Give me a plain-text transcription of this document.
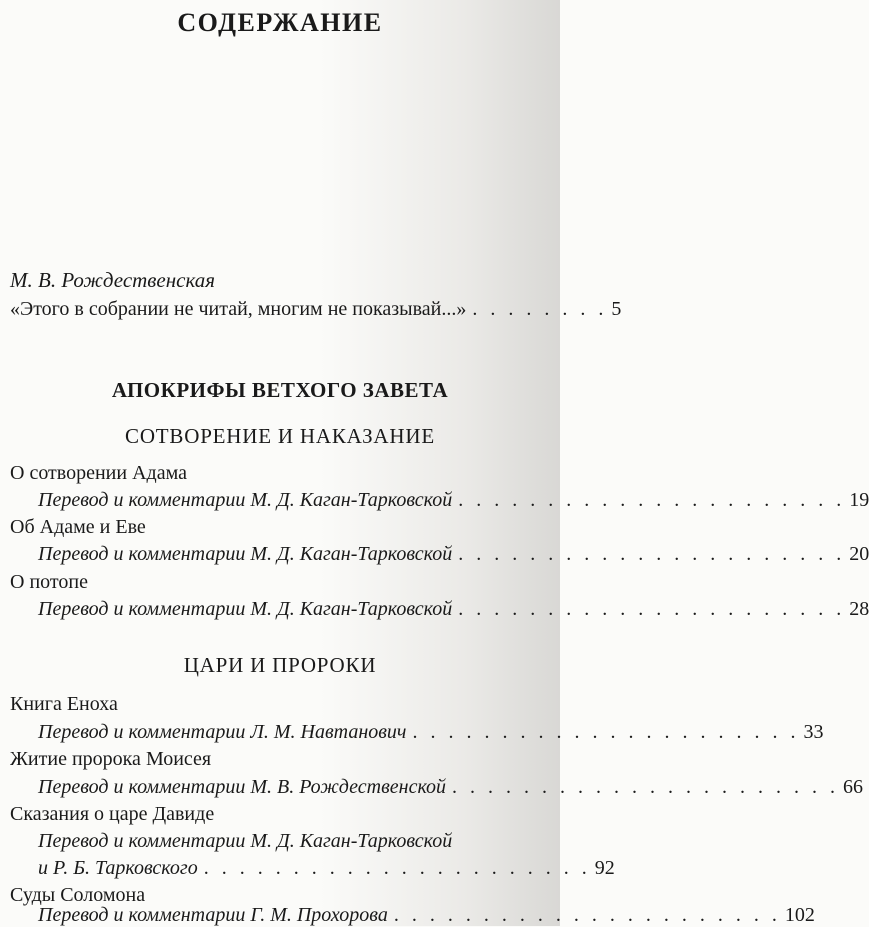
СОДЕРЖАНИЕ
М. В. Рождественская
«Этого в собрании не читай, многим не показывай...» . . . . . . . . 5
АПОКРИФЫ ВЕТХОГО ЗАВЕТА
СОТВОРЕНИЕ И НАКАЗАНИЕ
О сотворении Адама
Перевод и комментарии М. Д. Каган-Тарковской . . . . . . . . . . . . . . . . . . . . . . 19
Об Адаме и Еве
Перевод и комментарии М. Д. Каган-Тарковской . . . . . . . . . . . . . . . . . . . . . . 20
О потопе
Перевод и комментарии М. Д. Каган-Тарковской . . . . . . . . . . . . . . . . . . . . . . 28
ЦАРИ И ПРОРОКИ
Книга Еноха
Перевод и комментарии Л. М. Навтанович . . . . . . . . . . . . . . . . . . . . . . 33
Житие пророка Моисея
Перевод и комментарии М. В. Рождественской . . . . . . . . . . . . . . . . . . . . . . 66
Сказания о царе Давиде
Перевод и комментарии М. Д. Каган-Тарковской
и Р. Б. Тарковского . . . . . . . . . . . . . . . . . . . . . . 92
Суды Соломона
Перевод и комментарии Г. М. Прохорова . . . . . . . . . . . . . . . . . . . . . . 102
